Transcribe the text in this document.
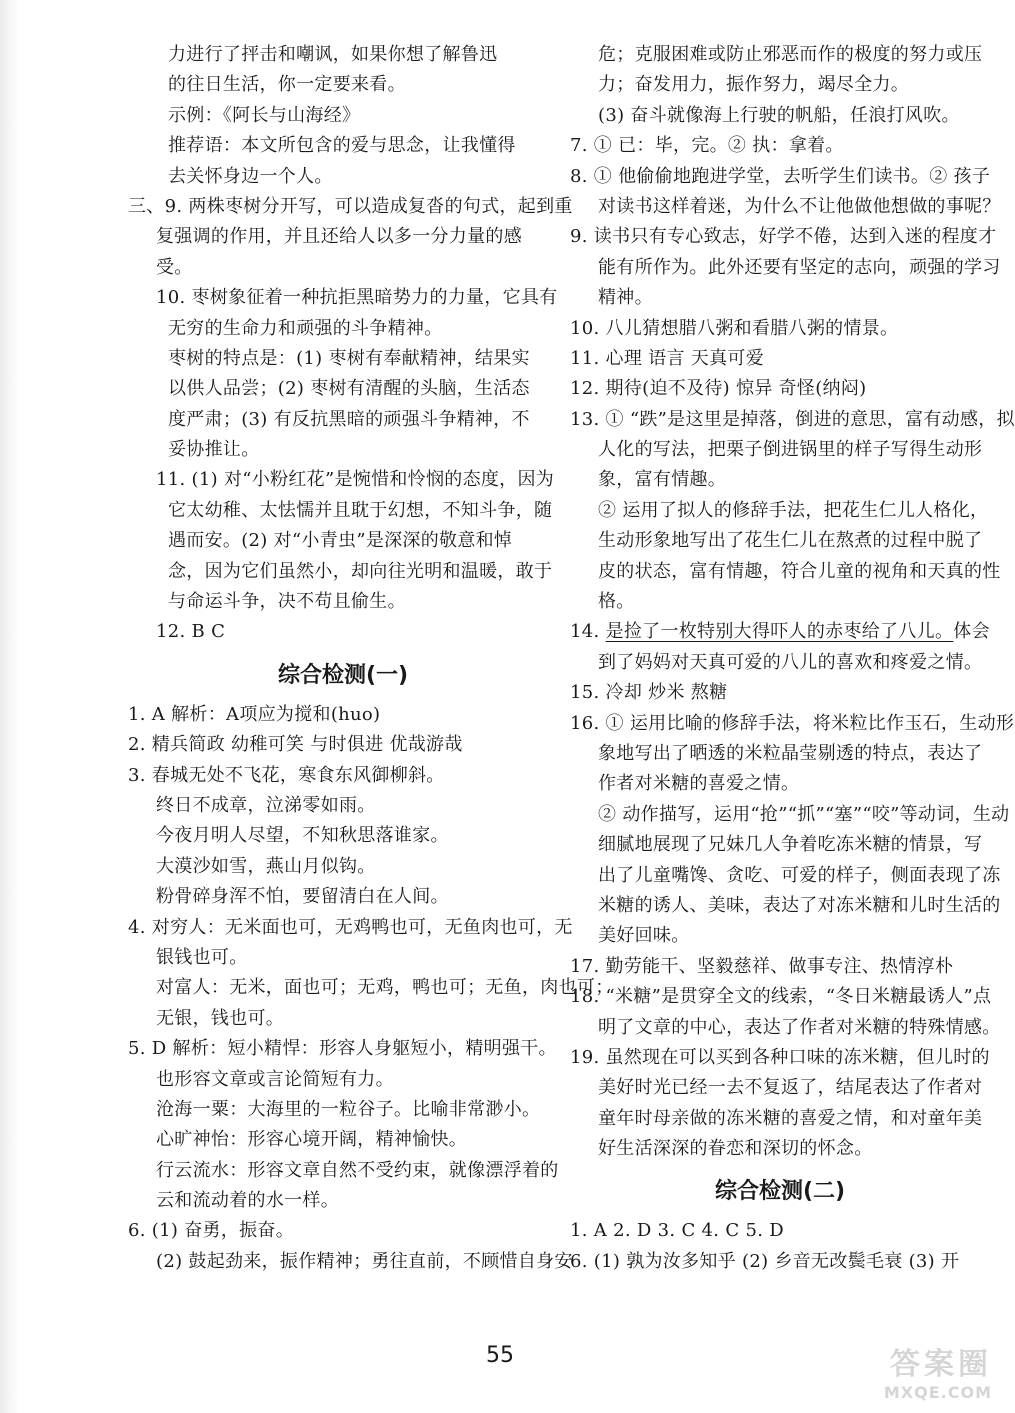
力进行了抨击和嘲讽，如果你想了解鲁迅
的往日生活，你一定要来看。
示例：《阿长与山海经》
推荐语：本文所包含的爱与思念，让我懂得
去关怀身边一个人。
三、9. 两株枣树分开写，可以造成复沓的句式，起到重
复强调的作用，并且还给人以多一分力量的感
受。
10. 枣树象征着一种抗拒黑暗势力的力量，它具有
无穷的生命力和顽强的斗争精神。
枣树的特点是：(1) 枣树有奉献精神，结果实
以供人品尝；(2) 枣树有清醒的头脑，生活态
度严肃；(3) 有反抗黑暗的顽强斗争精神，不
妥协推让。
11. (1) 对“小粉红花”是惋惜和怜悯的态度，因为
它太幼稚、太怯懦并且耽于幻想，不知斗争，随
遇而安。(2) 对“小青虫”是深深的敬意和悼
念，因为它们虽然小，却向往光明和温暖，敢于
与命运斗争，决不苟且偷生。
12. B C
综合检测(一)
1. A 解析：A项应为搅和(huo)
2. 精兵简政 幼稚可笑 与时俱进 优哉游哉
3. 春城无处不飞花，寒食东风御柳斜。
终日不成章，泣涕零如雨。
今夜月明人尽望，不知秋思落谁家。
大漠沙如雪，燕山月似钩。
粉骨碎身浑不怕，要留清白在人间。
4. 对穷人：无米面也可，无鸡鸭也可，无鱼肉也可，无
银钱也可。
对富人：无米，面也可；无鸡，鸭也可；无鱼，肉也可；
无银，钱也可。
5. D 解析：短小精悍：形容人身躯短小，精明强干。
也形容文章或言论简短有力。
沧海一粟：大海里的一粒谷子。比喻非常渺小。
心旷神怡：形容心境开阔，精神愉快。
行云流水：形容文章自然不受约束，就像漂浮着的
云和流动着的水一样。
6. (1) 奋勇，振奋。
(2) 鼓起劲来，振作精神；勇往直前，不顾惜自身安
危；克服困难或防止邪恶而作的极度的努力或压
力；奋发用力，振作努力，竭尽全力。
(3) 奋斗就像海上行驶的帆船，任浪打风吹。
7. ① 已：毕，完。② 执：拿着。
8. ① 他偷偷地跑进学堂，去听学生们读书。② 孩子
对读书这样着迷，为什么不让他做他想做的事呢？
9. 读书只有专心致志，好学不倦，达到入迷的程度才
能有所作为。此外还要有坚定的志向，顽强的学习
精神。
10. 八儿猜想腊八粥和看腊八粥的情景。
11. 心理 语言 天真可爱
12. 期待(迫不及待) 惊异 奇怪(纳闷)
13. ① “跌”是这里是掉落，倒进的意思，富有动感，拟
人化的写法，把栗子倒进锅里的样子写得生动形
象，富有情趣。
② 运用了拟人的修辞手法，把花生仁儿人格化，
生动形象地写出了花生仁儿在熬煮的过程中脱了
皮的状态，富有情趣，符合儿童的视角和天真的性
格。
14. 是捡了一枚特别大得吓人的赤枣给了八儿。体会
到了妈妈对天真可爱的八儿的喜欢和疼爱之情。
15. 冷却 炒米 熬糖
16. ① 运用比喻的修辞手法，将米粒比作玉石，生动形
象地写出了晒透的米粒晶莹剔透的特点，表达了
作者对米糖的喜爱之情。
② 动作描写，运用“抢”“抓”“塞”“咬”等动词，生动
细腻地展现了兄妹几人争着吃冻米糖的情景，写
出了儿童嘴馋、贪吃、可爱的样子，侧面表现了冻
米糖的诱人、美味，表达了对冻米糖和儿时生活的
美好回味。
17. 勤劳能干、坚毅慈祥、做事专注、热情淳朴
18. “米糖”是贯穿全文的线索，“冬日米糖最诱人”点
明了文章的中心，表达了作者对米糖的特殊情感。
19. 虽然现在可以买到各种口味的冻米糖，但儿时的
美好时光已经一去不复返了，结尾表达了作者对
童年时母亲做的冻米糖的喜爱之情，和对童年美
好生活深深的眷恋和深切的怀念。
综合检测(二)
1. A 2. D 3. C 4. C 5. D
6. (1) 孰为汝多知乎 (2) 乡音无改鬓毛衰 (3) 开
55	答案圈
MXQE.COM
